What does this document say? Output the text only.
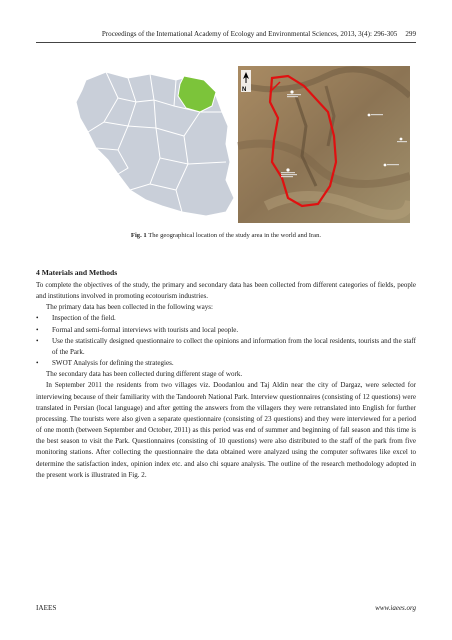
Proceedings of the International Academy of Ecology and Environmental Sciences, 2013, 3(4): 296-305 299
N
Fig. 1 The geographical location of the study area in the world and Iran.
4 Materials and Methods

To complete the objectives of the study, the primary and secondary data has been collected from different categories of fields, people and institutions involved in promoting ecotourism industries.

The primary data has been collected in the following ways:

•	Inspection of the field.
•	Formal and semi-formal interviews with tourists and local people.
•	Use the statistically designed questionnaire to collect the opinions and information from the local residents, tourists and the staff of the Park.
•	SWOT Analysis for defining the strategies.

The secondary data has been collected during different stage of work.

In September 2011 the residents from two villages viz. Doodanlou and Taj Aldin near the city of Dargaz, were selected for interviewing because of their familiarity with the Tandooreh National Park. Interview questionnaires (consisting of 12 questions) were translated in Persian (local language) and after getting the answers from the villagers they were retranslated into English for further processing. The tourists were also given a separate questionnaire (consisting of 23 questions) and they were interviewed for a period of one month (between September and October, 2011) as this period was end of summer and beginning of fall season and this time is the best season to visit the Park. Questionnaires (consisting of 10 questions) were also distributed to the staff of the park from five monitoring stations. After collecting the questionnaire the data obtained were analyzed using the computer softwares like excel to determine the satisfaction index, opinion index etc. and also chi square analysis. The outline of the research methodology adopted in the present work is illustrated in Fig. 2.

IAEES	www.iaees.org
